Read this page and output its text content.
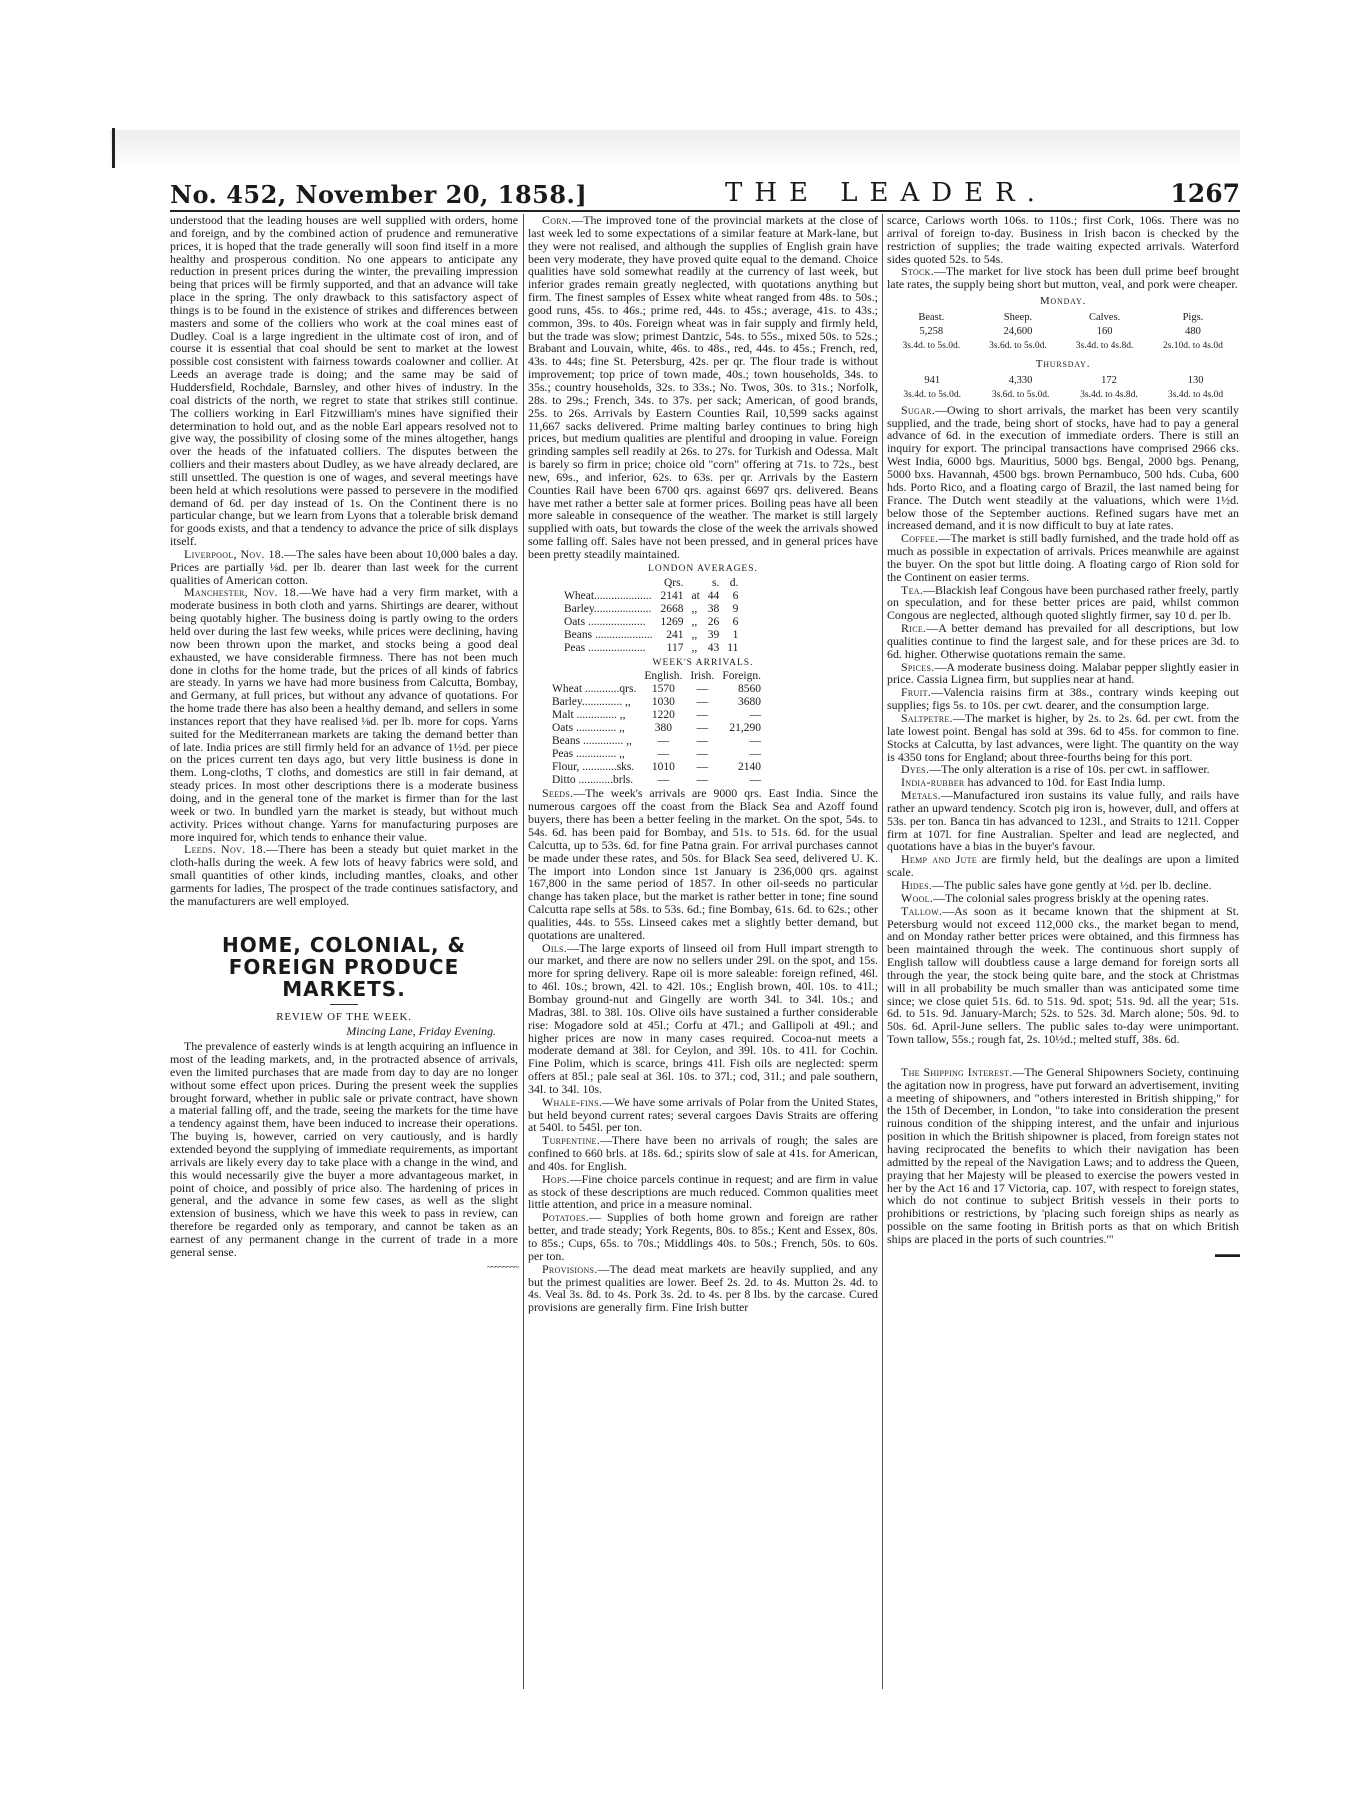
No. 452, November 20, 1858.]	THE LEADER.	1267

understood that the leading houses are well supplied with orders, home and foreign, and by the combined action of prudence and remunerative prices, it is hoped that the trade generally will soon find itself in a more healthy and prosperous condition. No one appears to anticipate any reduction in present prices during the winter, the prevailing impression being that prices will be firmly supported, and that an advance will take place in the spring. The only drawback to this satisfactory aspect of things is to be found in the existence of strikes and differences between masters and some of the colliers who work at the coal mines east of Dudley. Coal is a large ingredient in the ultimate cost of iron, and of course it is essential that coal should be sent to market at the lowest possible cost consistent with fairness towards coalowner and collier. At Leeds an average trade is doing; and the same may be said of Huddersfield, Rochdale, Barnsley, and other hives of industry. In the coal districts of the north, we regret to state that strikes still continue. The colliers working in Earl Fitzwilliam's mines have signified their determination to hold out, and as the noble Earl appears resolved not to give way, the possibility of closing some of the mines altogether, hangs over the heads of the infatuated colliers. The disputes between the colliers and their masters about Dudley, as we have already declared, are still unsettled. The question is one of wages, and several meetings have been held at which resolutions were passed to persevere in the modified demand of 6d. per day instead of 1s. On the Continent there is no particular change, but we learn from Lyons that a tolerable brisk demand for goods exists, and that a tendency to advance the price of silk displays itself.

Liverpool, Nov. 18.—The sales have been about 10,000 bales a day. Prices are partially ⅛d. per lb. dearer than last week for the current qualities of American cotton.

Manchester, Nov. 18.—We have had a very firm market, with a moderate business in both cloth and yarns. Shirtings are dearer, without being quotably higher. The business doing is partly owing to the orders held over during the last few weeks, while prices were declining, having now been thrown upon the market, and stocks being a good deal exhausted, we have considerable firmness. There has not been much done in cloths for the home trade, but the prices of all kinds of fabrics are steady. In yarns we have had more business from Calcutta, Bombay, and Germany, at full prices, but without any advance of quotations. For the home trade there has also been a healthy demand, and sellers in some instances report that they have realised ⅛d. per lb. more for cops. Yarns suited for the Mediterranean markets are taking the demand better than of late. India prices are still firmly held for an advance of 1½d. per piece on the prices current ten days ago, but very little business is done in them. Long-cloths, T cloths, and domestics are still in fair demand, at steady prices. In most other descriptions there is a moderate business doing, and in the general tone of the market is firmer than for the last week or two. In bundled yarn the market is steady, but without much activity. Prices without change. Yarns for manufacturing purposes are more inquired for, which tends to enhance their value.

Leeds. Nov. 18.—There has been a steady but quiet market in the cloth-halls during the week. A few lots of heavy fabrics were sold, and small quantities of other kinds, including mantles, cloaks, and other garments for ladies, The prospect of the trade continues satisfactory, and the manufacturers are well employed.

HOME, COLONIAL, & FOREIGN PRODUCE MARKETS.
REVIEW OF THE WEEK.
Mincing Lane, Friday Evening.

The prevalence of easterly winds is at length acquiring an influence in most of the leading markets, and, in the protracted absence of arrivals, even the limited purchases that are made from day to day are no longer without some effect upon prices. During the present week the supplies brought forward, whether in public sale or private contract, have shown a material falling off, and the trade, seeing the markets for the time have a tendency against them, have been induced to increase their operations. The buying is, however, carried on very cautiously, and is hardly extended beyond the supplying of immediate requirements, as important arrivals are likely every day to take place with a change in the wind, and this would necessarily give the buyer a more advantageous market, in point of choice, and possibly of price also. The hardening of prices in general, and the advance in some few cases, as well as the slight extension of business, which we have this week to pass in review, can therefore be regarded only as temporary, and cannot be taken as an earnest of any permanent change in the current of trade in a more general sense.

~~~~~~~~

Corn.—The improved tone of the provincial markets at the close of last week led to some expectations of a similar feature at Mark-lane, but they were not realised, and although the supplies of English grain have been very moderate, they have proved quite equal to the demand. Choice qualities have sold somewhat readily at the currency of last week, but inferior grades remain greatly neglected, with quotations anything but firm. The finest samples of Essex white wheat ranged from 48s. to 50s.; good runs, 45s. to 46s.; prime red, 44s. to 45s.; average, 41s. to 43s.; common, 39s. to 40s. Foreign wheat was in fair supply and firmly held, but the trade was slow; primest Dantzic, 54s. to 55s., mixed 50s. to 52s.; Brabant and Louvain, white, 46s. to 48s., red, 44s. to 45s.; French, red, 43s. to 44s; fine St. Petersburg, 42s. per qr. The flour trade is without improvement; top price of town made, 40s.; town households, 34s. to 35s.; country households, 32s. to 33s.; No. Twos, 30s. to 31s.; Norfolk, 28s. to 29s.; French, 34s. to 37s. per sack; American, of good brands, 25s. to 26s. Arrivals by Eastern Counties Rail, 10,599 sacks against 11,667 sacks delivered. Prime malting barley continues to bring high prices, but medium qualities are plentiful and drooping in value. Foreign grinding samples sell readily at 26s. to 27s. for Turkish and Odessa. Malt is barely so firm in price; choice old "corn" offering at 71s. to 72s., best new, 69s., and inferior, 62s. to 63s. per qr. Arrivals by the Eastern Counties Rail have been 6700 qrs. against 6697 qrs. delivered. Beans have met rather a better sale at former prices. Boiling peas have all been more saleable in consequence of the weather. The market is still largely supplied with oats, but towards the close of the week the arrivals showed some falling off. Sales have not been pressed, and in general prices have been pretty steadily maintained.

LONDON AVERAGES.
	Qrs.		s.	d.
Wheat....................	2141	at	44	6
Barley....................	2668	,,	38	9
Oats ....................	1269	,,	26	6
Beans ....................	241	,,	39	1
Peas ....................	117	,,	43	11
WEEK'S ARRIVALS.
	English.	Irish.	Foreign.
Wheat ............qrs.	1570	—	8560
Barley.............. ,,	1030	—	3680
Malt .............. ,,	1220	—	—
Oats .............. ,,	380	—	21,290
Beans .............. ,,	—	—	—
Peas .............. ,,	—	—	—
Flour, ............sks.	1010	—	2140
Ditto ............brls.	—	—	—

Seeds.—The week's arrivals are 9000 qrs. East India. Since the numerous cargoes off the coast from the Black Sea and Azoff found buyers, there has been a better feeling in the market. On the spot, 54s. to 54s. 6d. has been paid for Bombay, and 51s. to 51s. 6d. for the usual Calcutta, up to 53s. 6d. for fine Patna grain. For arrival purchases cannot be made under these rates, and 50s. for Black Sea seed, delivered U. K. The import into London since 1st January is 236,000 qrs. against 167,800 in the same period of 1857. In other oil-seeds no particular change has taken place, but the market is rather better in tone; fine sound Calcutta rape sells at 58s. to 53s. 6d.; fine Bombay, 61s. 6d. to 62s.; other qualities, 44s. to 55s. Linseed cakes met a slightly better demand, but quotations are unaltered.

Oils.—The large exports of linseed oil from Hull impart strength to our market, and there are now no sellers under 29l. on the spot, and 15s. more for spring delivery. Rape oil is more saleable: foreign refined, 46l. to 46l. 10s.; brown, 42l. to 42l. 10s.; English brown, 40l. 10s. to 41l.; Bombay ground-nut and Gingelly are worth 34l. to 34l. 10s.; and Madras, 38l. to 38l. 10s. Olive oils have sustained a further considerable rise: Mogadore sold at 45l.; Corfu at 47l.; and Gallipoli at 49l.; and higher prices are now in many cases required. Cocoa-nut meets a moderate demand at 38l. for Ceylon, and 39l. 10s. to 41l. for Cochin. Fine Polim, which is scarce, brings 41l. Fish oils are neglected: sperm offers at 85l.; pale seal at 36l. 10s. to 37l.; cod, 31l.; and pale southern, 34l. to 34l. 10s.

Whale-fins.—We have some arrivals of Polar from the United States, but held beyond current rates; several cargoes Davis Straits are offering at 540l. to 545l. per ton.

Turpentine.—There have been no arrivals of rough; the sales are confined to 660 brls. at 18s. 6d.; spirits slow of sale at 41s. for American, and 40s. for English.

Hops.—Fine choice parcels continue in request; and are firm in value as stock of these descriptions are much reduced. Common qualities meet little attention, and price in a measure nominal.

Potatoes.— Supplies of both home grown and foreign are rather better, and trade steady; York Regents, 80s. to 85s.; Kent and Essex, 80s. to 85s.; Cups, 65s. to 70s.; Middlings 40s. to 50s.; French, 50s. to 60s. per ton.

Provisions.—The dead meat markets are heavily supplied, and any but the primest qualities are lower. Beef 2s. 2d. to 4s. Mutton 2s. 4d. to 4s. Veal 3s. 8d. to 4s. Pork 3s. 2d. to 4s. per 8 lbs. by the carcase. Cured provisions are generally firm. Fine Irish butter

scarce, Carlows worth 106s. to 110s.; first Cork, 106s. There was no arrival of foreign to-day. Business in Irish bacon is checked by the restriction of supplies; the trade waiting expected arrivals. Waterford sides quoted 52s. to 54s.

Stock.—The market for live stock has been dull prime beef brought late rates, the supply being short but mutton, veal, and pork were cheaper.

Monday.
Beast.	Sheep.	Calves.	Pigs.
5,258	24,600	160	480
3s.4d. to 5s.0d.	3s.6d. to 5s.0d.	3s.4d. to 4s.8d.	2s.10d. to 4s.0d
Thursday.
941	4,330	172	130
3s.4d. to 5s.0d.	3s.6d. to 5s.0d.	3s.4d. to 4s.8d.	3s.4d. to 4s.0d

Sugar.—Owing to short arrivals, the market has been very scantily supplied, and the trade, being short of stocks, have had to pay a general advance of 6d. in the execution of immediate orders. There is still an inquiry for export. The principal transactions have comprised 2966 cks. West India, 6000 bgs. Mauritius, 5000 bgs. Bengal, 2000 bgs. Penang, 5000 bxs. Havannah, 4500 bgs. brown Pernambuco, 500 hds. Cuba, 600 hds. Porto Rico, and a floating cargo of Brazil, the last named being for France. The Dutch went steadily at the valuations, which were 1½d. below those of the September auctions. Refined sugars have met an increased demand, and it is now difficult to buy at late rates.

Coffee.—The market is still badly furnished, and the trade hold off as much as possible in expectation of arrivals. Prices meanwhile are against the buyer. On the spot but little doing. A floating cargo of Rion sold for the Continent on easier terms.

Tea.—Blackish leaf Congous have been purchased rather freely, partly on speculation, and for these better prices are paid, whilst common Congous are neglected, although quoted slightly firmer, say 10 d. per lb.

Rice.—A better demand has prevailed for all descriptions, but low qualities continue to find the largest sale, and for these prices are 3d. to 6d. higher. Otherwise quotations remain the same.

Spices.—A moderate business doing. Malabar pepper slightly easier in price. Cassia Lignea firm, but supplies near at hand.

Fruit.—Valencia raisins firm at 38s., contrary winds keeping out supplies; figs 5s. to 10s. per cwt. dearer, and the consumption large.

Saltpetre.—The market is higher, by 2s. to 2s. 6d. per cwt. from the late lowest point. Bengal has sold at 39s. 6d to 45s. for common to fine. Stocks at Calcutta, by last advances, were light. The quantity on the way is 4350 tons for England; about three-fourths being for this port.

Dyes.—The only alteration is a rise of 10s. per cwt. in safflower.

India-rubber has advanced to 10d. for East India lump.

Metals.—Manufactured iron sustains its value fully, and rails have rather an upward tendency. Scotch pig iron is, however, dull, and offers at 53s. per ton. Banca tin has advanced to 123l., and Straits to 121l. Copper firm at 107l. for fine Australian. Spelter and lead are neglected, and quotations have a bias in the buyer's favour.

Hemp and Jute are firmly held, but the dealings are upon a limited scale.

Hides.—The public sales have gone gently at ½d. per lb. decline.

Wool.—The colonial sales progress briskly at the opening rates.

Tallow.—As soon as it became known that the shipment at St. Petersburg would not exceed 112,000 cks., the market began to mend, and on Monday rather better prices were obtained, and this firmness has been maintained through the week. The continuous short supply of English tallow will doubtless cause a large demand for foreign sorts all through the year, the stock being quite bare, and the stock at Christmas will in all probability be much smaller than was anticipated some time since; we close quiet 51s. 6d. to 51s. 9d. spot; 51s. 9d. all the year; 51s. 6d. to 51s. 9d. January-March; 52s. to 52s. 3d. March alone; 50s. 9d. to 50s. 6d. April-June sellers. The public sales to-day were unimportant. Town tallow, 55s.; rough fat, 2s. 10½d.; melted stuff, 38s. 6d.

The Shipping Interest.—The General Shipowners Society, continuing the agitation now in progress, have put forward an advertisement, inviting a meeting of shipowners, and "others interested in British shipping," for the 15th of December, in London, "to take into consideration the present ruinous condition of the shipping interest, and the unfair and injurious position in which the British shipowner is placed, from foreign states not having reciprocated the benefits to which their navigation has been admitted by the repeal of the Navigation Laws; and to address the Queen, praying that her Majesty will be pleased to exercise the powers vested in her by the Act 16 and 17 Victoria, cap. 107, with respect to foreign states, which do not continue to subject British vessels in their ports to prohibitions or restrictions, by 'placing such foreign ships as nearly as possible on the same footing in British ports as that on which British ships are placed in the ports of such countries.'"

▬▬▬
